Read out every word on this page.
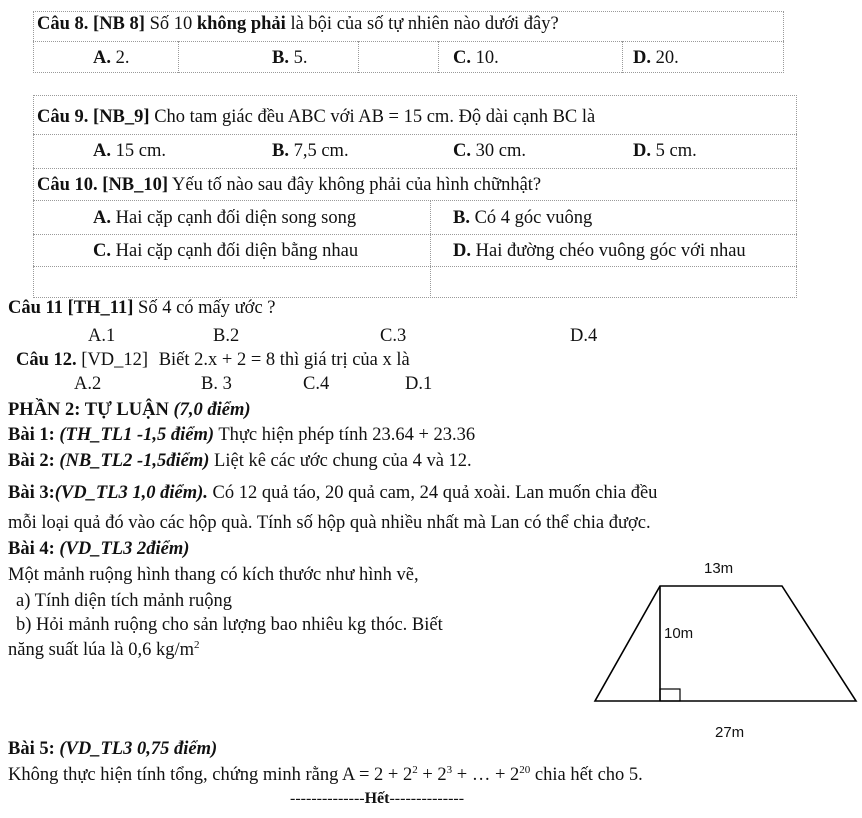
Câu 8. [NB 8] Số 10 không phải là bội của số tự nhiên nào dưới đây?
A. 2.	B. 5.	C. 10.	D. 20.
Câu 9. [NB_9] Cho tam giác đều ABC với AB = 15 cm. Độ dài cạnh BC là
A. 15 cm.	B. 7,5 cm.	C. 30 cm.	D. 5 cm.
Câu 10. [NB_10] Yếu tố nào sau đây không phải của hình chữnhật?
A. Hai cặp cạnh đối diện song song	B. Có 4 góc vuông
C. Hai cặp cạnh đối diện bằng nhau	D. Hai đường chéo vuông góc với nhau
Câu 11 [TH_11] Số 4 có mấy ước ?
A.1	B.2	C.3	D.4
Câu 12. [VD_12] Biết 2.x + 2 = 8 thì giá trị của x là
A.2	B. 3	C.4	D.1
PHẦN 2: TỰ LUẬN (7,0 điểm)
Bài 1: (TH_TL1 -1,5 điểm) Thực hiện phép tính 23.64 + 23.36
Bài 2: (NB_TL2 -1,5điểm) Liệt kê các ước chung của 4 và 12.
Bài 3:(VD_TL3 1,0 điểm). Có 12 quả táo, 20 quả cam, 24 quả xoài. Lan muốn chia đều
mỗi loại quả đó vào các hộp quà. Tính số hộp quà nhiều nhất mà Lan có thể chia được.
Bài 4: (VD_TL3 2điểm)
Một mảnh ruộng hình thang có kích thước như hình vẽ,
a) Tính diện tích mảnh ruộng
b) Hỏi mảnh ruộng cho sản lượng bao nhiêu kg thóc. Biết
năng suất lúa là 0,6 $kg/m^2$
13m
10m
27m
Bài 5: (VD_TL3 0,75 điểm)
Không thực hiện tính tổng, chứng minh rằng $A = 2 + 2^2 + 2^3$ + … + $2^{20}$ chia hết cho 5.
--------------Hết--------------
